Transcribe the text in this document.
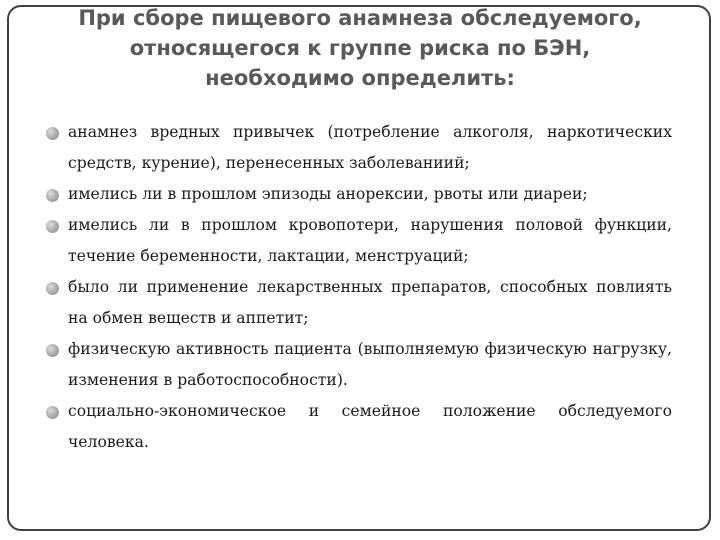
При сборе пищевого анамнеза обследуемого,
относящегося к группе риска по БЭН,
необходимо определить:
анамнез вредных привычек (потребление алкоголя, наркотических средств, курение), перенесенных заболеваниий;
имелись ли в прошлом эпизоды анорексии, рвоты или диареи;
имелись ли в прошлом кровопотери, нарушения половой функции, течение беременности, лактации, менструаций;
было ли применение лекарственных препаратов, способных повлиять на обмен веществ и аппетит;
физическую активность пациента (выполняемую физическую нагрузку, изменения в работоспособности).
социально-экономическое и семейное положение обследуемого человека.
